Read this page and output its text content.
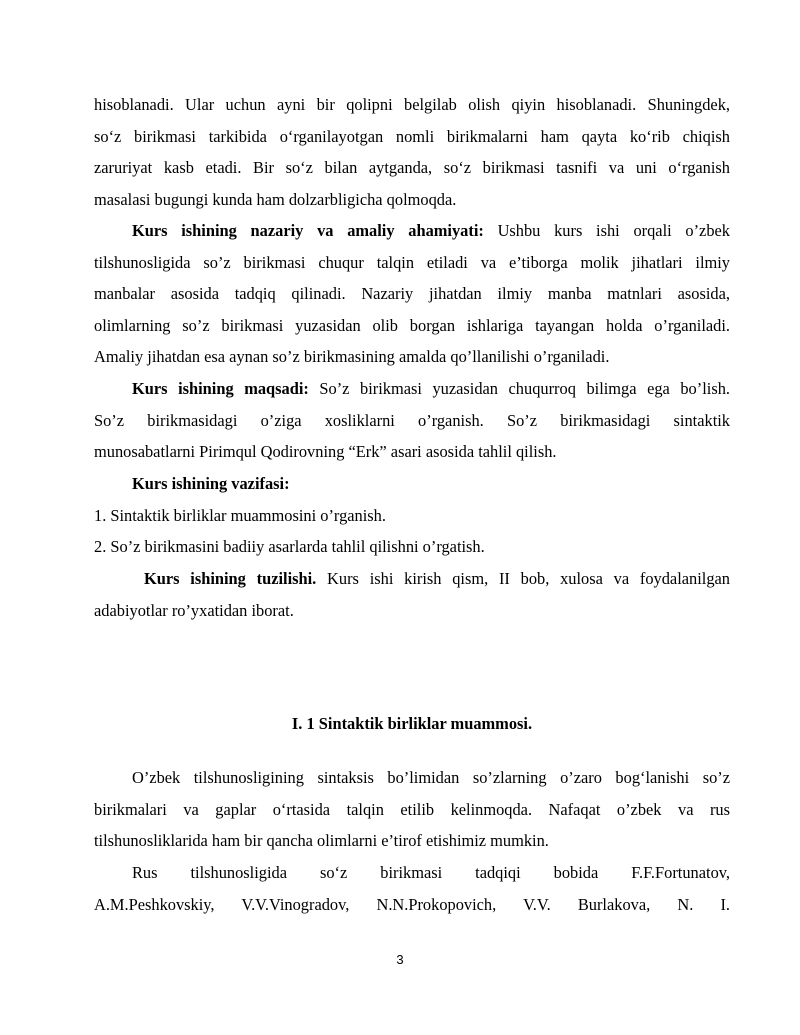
hisoblanadi. Ular uchun ayni bir qolipni belgilab olish qiyin hisoblanadi. Shuningdek,
so‘z birikmasi tarkibida o‘rganilayotgan nomli birikmalarni ham qayta ko‘rib chiqish
zaruriyat kasb etadi. Bir so‘z bilan aytganda, so‘z birikmasi tasnifi va uni o‘rganish
masalasi bugungi kunda ham dolzarbligicha qolmoqda.
Kurs ishining nazariy va amaliy ahamiyati: Ushbu kurs ishi orqali o’zbek
tilshunosligida so’z birikmasi chuqur talqin etiladi va e’tiborga molik jihatlari ilmiy
manbalar asosida tadqiq qilinadi. Nazariy jihatdan ilmiy manba matnlari asosida,
olimlarning so’z birikmasi yuzasidan olib borgan ishlariga tayangan holda o’rganiladi.
Amaliy jihatdan esa aynan so’z birikmasining amalda qo’llanilishi o’rganiladi.
Kurs ishining maqsadi: So’z birikmasi yuzasidan chuqurroq bilimga ega bo’lish.
So’z birikmasidagi o’ziga xosliklarni o’rganish. So’z birikmasidagi sintaktik
munosabatlarni Pirimqul Qodirovning “Erk” asari asosida tahlil qilish.
Kurs ishining vazifasi:
1. Sintaktik birliklar muammosini o’rganish.
2. So’z birikmasini badiiy asarlarda tahlil qilishni o’rgatish.
Kurs ishining tuzilishi. Kurs ishi kirish qism, II bob, xulosa va foydalanilgan
adabiyotlar ro’yxatidan iborat.
I. 1 Sintaktik birliklar muammosi.
O’zbek tilshunosligining sintaksis bo’limidan so’zlarning o’zaro bog‘lanishi so’z
birikmalari va gaplar o‘rtasida talqin etilib kelinmoqda. Nafaqat o’zbek va rus
tilshunosliklarida ham bir qancha olimlarni e’tirof etishimiz mumkin.
Rus tilshunosligida so‘z birikmasi tadqiqi bobida F.F.Fortunatov,
A.M.Peshkovskiy, V.V.Vinogradov, N.N.Prokopovich, V.V. Burlakova, N. I.
3
